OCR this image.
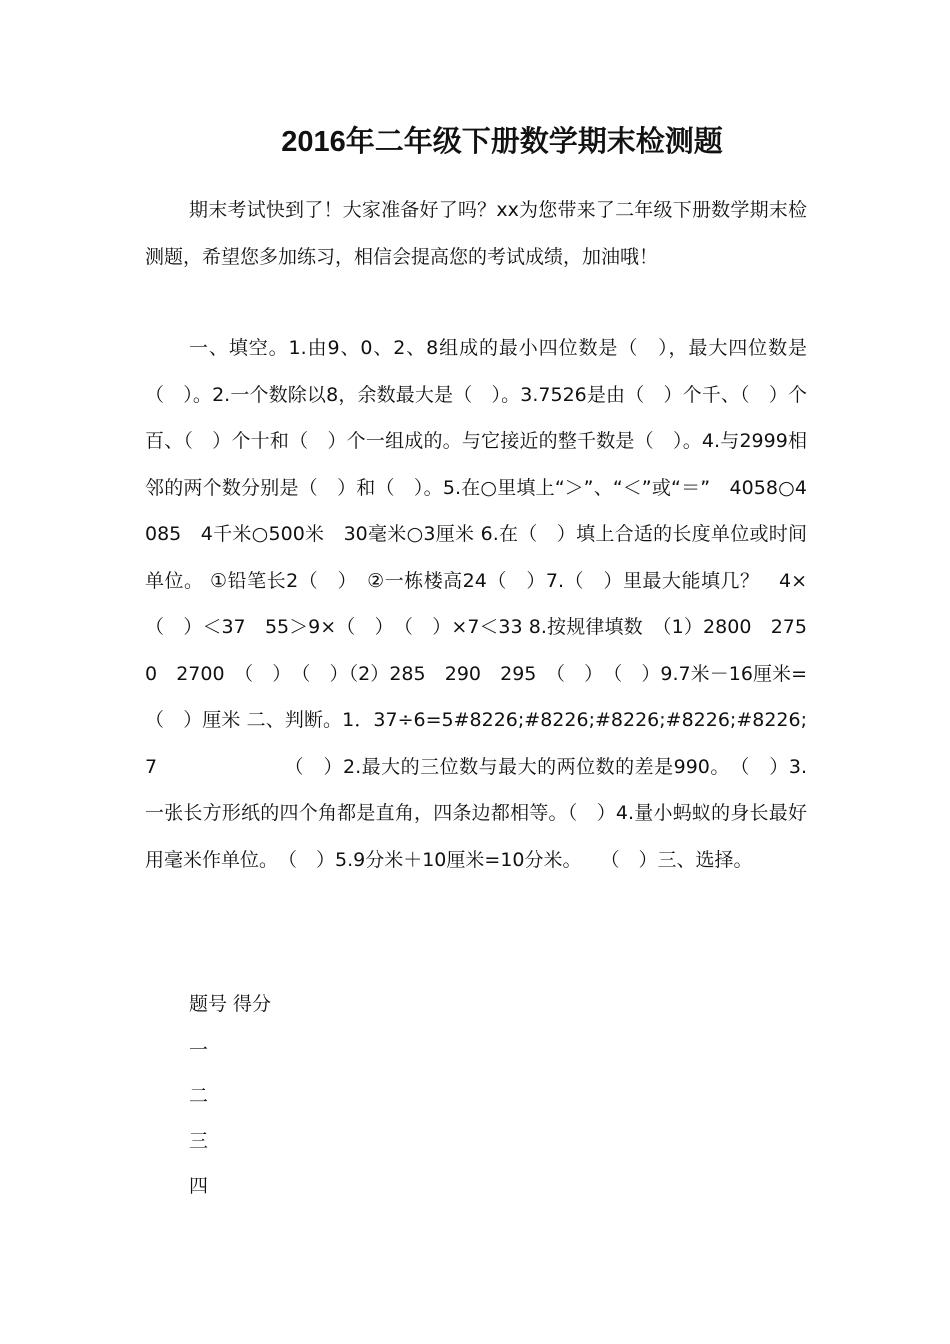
2016年二年级下册数学期末检测题

期末考试快到了！大家准备好了吗？xx为您带来了二年级下册数学期末检测题，希望您多加练习，相信会提高您的考试成绩，加油哦！

一、填空。1.由9、0、2、8组成的最小四位数是（　），最大四位数是（　）。2.一个数除以8，余数最大是（　）。3.7526是由（　）个千、（　）个百、（　）个十和（　）个一组成的。与它接近的整千数是（　）。4.与2999相邻的两个数分别是（　）和（　）。5.在○里填上“＞”、“＜”或“＝”　4058○4085　4千米○500米　30毫米○3厘米 6.在（　）填上合适的长度单位或时间单位。 ①铅笔长2（　）　②一栋楼高24（　）7.（　）里最大能填几？　4×（　）＜37　55＞9×（　）　（　）×7＜33 8.按规律填数　（1）2800　2750　2700　（　）　（　）（2）285　290　295　（　）　（　）9.7米－16厘米=（　）厘米 二、判断。1．37÷6=5#8226;#8226;#8226;#8226;#8226;7　　　　　　　（　）2.最大的三位数与最大的两位数的差是990。　（　）3.一张长方形纸的四个角都是直角，四条边都相等。（　）4.量小蚂蚁的身长最好用毫米作单位。　（　）5.9分米＋10厘米=10分米。　　（　）三、选择。

题号 得分

一

二

三

四
